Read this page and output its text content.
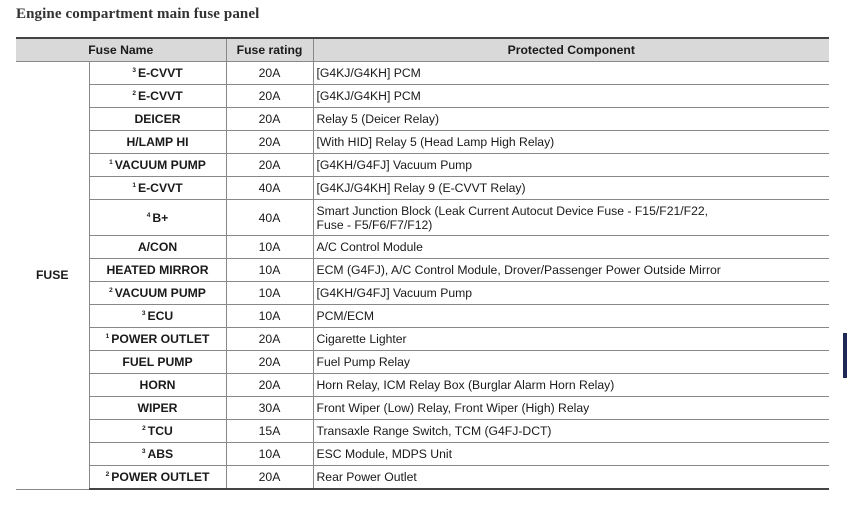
Engine compartment main fuse panel
Fuse Name		Fuse rating	Protected Component
FUSE	$^3$ E-CVVT	20A	[G4KJ/G4KH] PCM

	$^2$ E-CVVT	20A	[G4KJ/G4KH] PCM

	DEICER	20A	Relay 5 (Deicer Relay)

	H/LAMP HI	20A	[With HID] Relay 5 (Head Lamp High Relay)

	$^1$ VACUUM PUMP	20A	[G4KH/G4FJ] Vacuum Pump

	$^1$ E-CVVT	40A	[G4KJ/G4KH] Relay 9 (E-CVVT Relay)

	$^4$ B+	40A	Smart Junction Block (Leak Current Autocut Device Fuse - F15/F21/F22,
Fuse - F5/F6/F7/F12)

	A/CON	10A	A/C Control Module

	HEATED MIRROR	10A	ECM (G4FJ), A/C Control Module, Drover/Passenger Power Outside Mirror

	$^2$ VACUUM PUMP	10A	[G4KH/G4FJ] Vacuum Pump

	$^3$ ECU	10A	PCM/ECM

	$^1$ POWER OUTLET	20A	Cigarette Lighter

	FUEL PUMP	20A	Fuel Pump Relay

	HORN	20A	Horn Relay, ICM Relay Box (Burglar Alarm Horn Relay)

	WIPER	30A	Front Wiper (Low) Relay, Front Wiper (High) Relay

	$^2$ TCU	15A	Transaxle Range Switch, TCM (G4FJ-DCT)

	$^3$ ABS	10A	ESC Module, MDPS Unit

	$^2$ POWER OUTLET	20A	Rear Power Outlet
